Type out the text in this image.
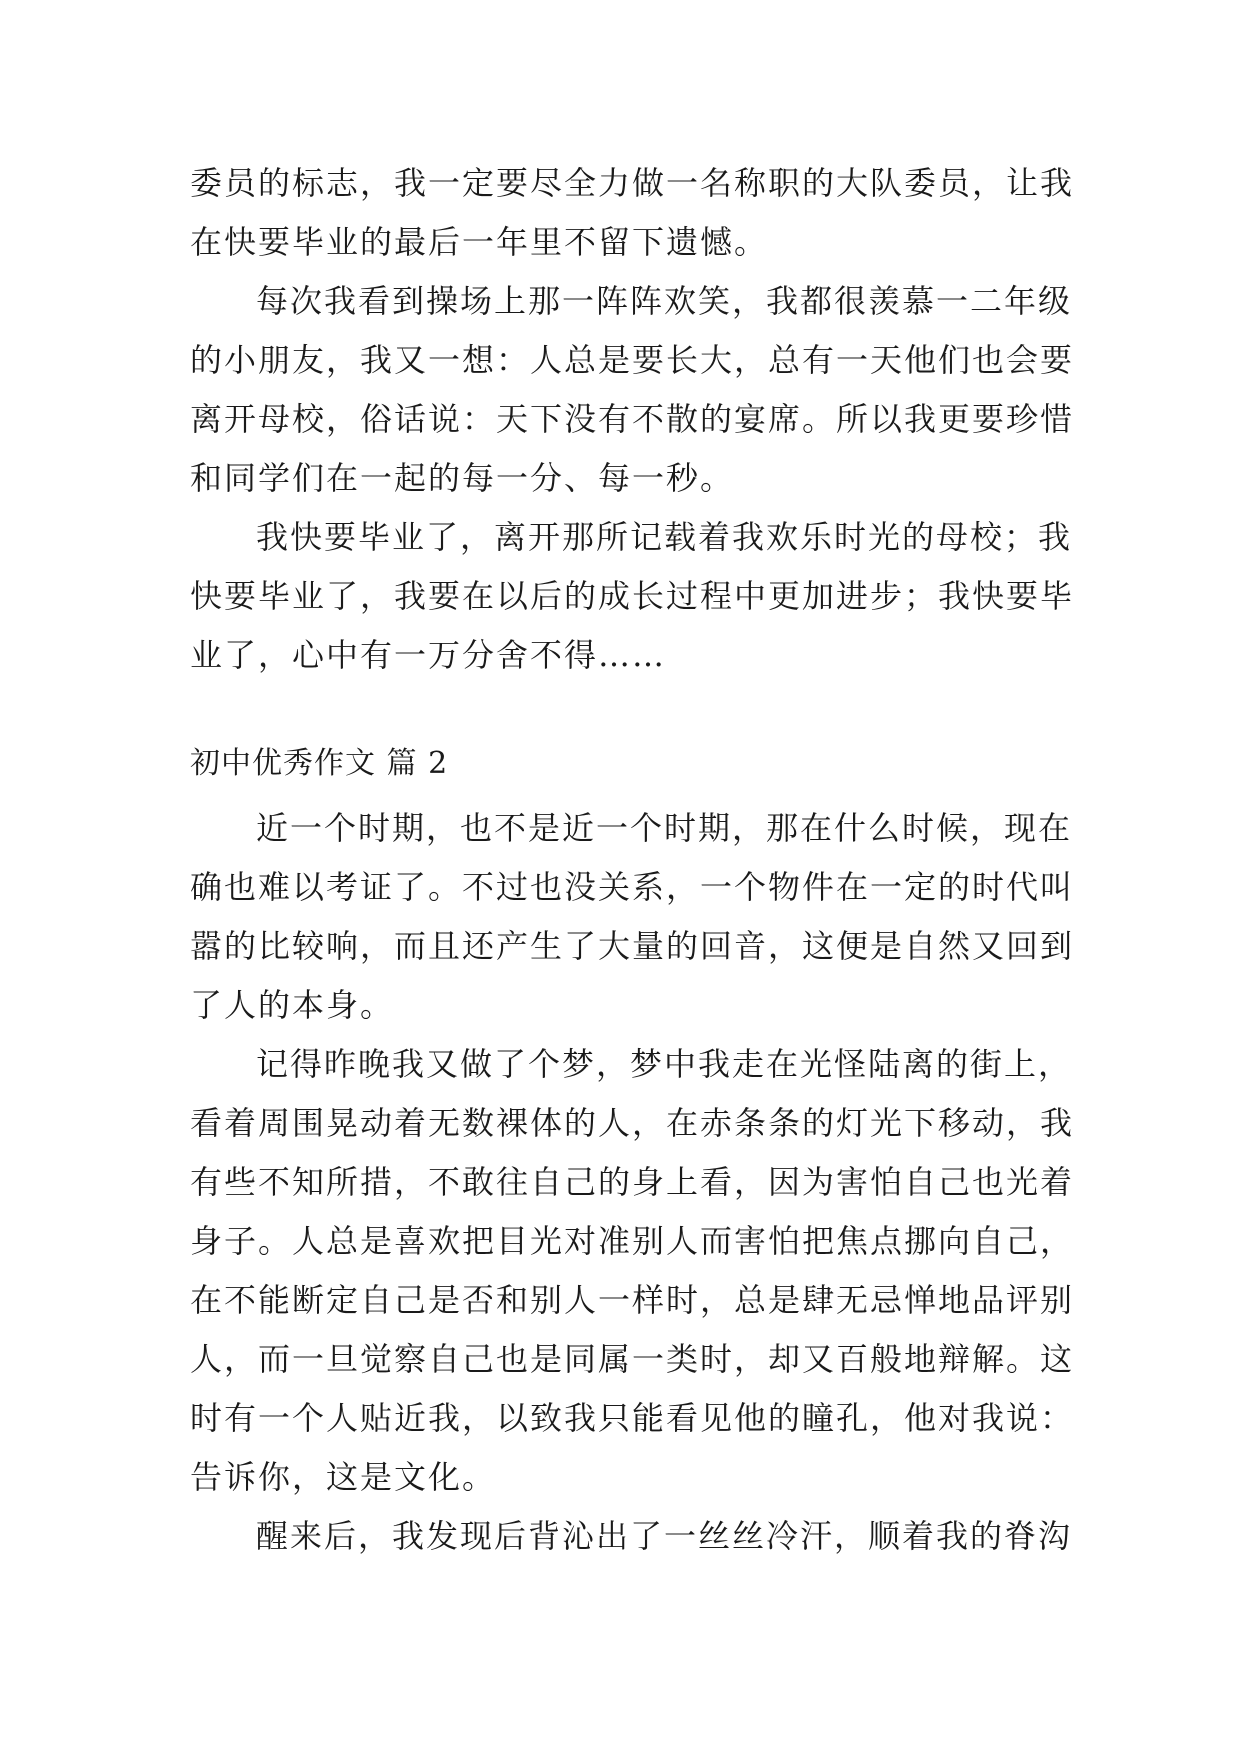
委员的标志，我一定要尽全力做一名称职的大队委员，让我
在快要毕业的最后一年里不留下遗憾。
每次我看到操场上那一阵阵欢笑，我都很羡慕一二年级
的小朋友，我又一想：人总是要长大，总有一天他们也会要
离开母校，俗话说：天下没有不散的宴席。所以我更要珍惜
和同学们在一起的每一分、每一秒。
我快要毕业了，离开那所记载着我欢乐时光的母校；我
快要毕业了，我要在以后的成长过程中更加进步；我快要毕
业了，心中有一万分舍不得……
初中优秀作文 篇 2
近一个时期，也不是近一个时期，那在什么时候，现在
确也难以考证了。不过也没关系，一个物件在一定的时代叫
嚣的比较响，而且还产生了大量的回音，这便是自然又回到
了人的本身。
记得昨晚我又做了个梦，梦中我走在光怪陆离的街上，
看着周围晃动着无数裸体的人，在赤条条的灯光下移动，我
有些不知所措，不敢往自己的身上看，因为害怕自己也光着
身子。人总是喜欢把目光对准别人而害怕把焦点挪向自己，
在不能断定自己是否和别人一样时，总是肆无忌惮地品评别
人，而一旦觉察自己也是同属一类时，却又百般地辩解。这
时有一个人贴近我，以致我只能看见他的瞳孔，他对我说：
告诉你，这是文化。
醒来后，我发现后背沁出了一丝丝冷汗，顺着我的脊沟
